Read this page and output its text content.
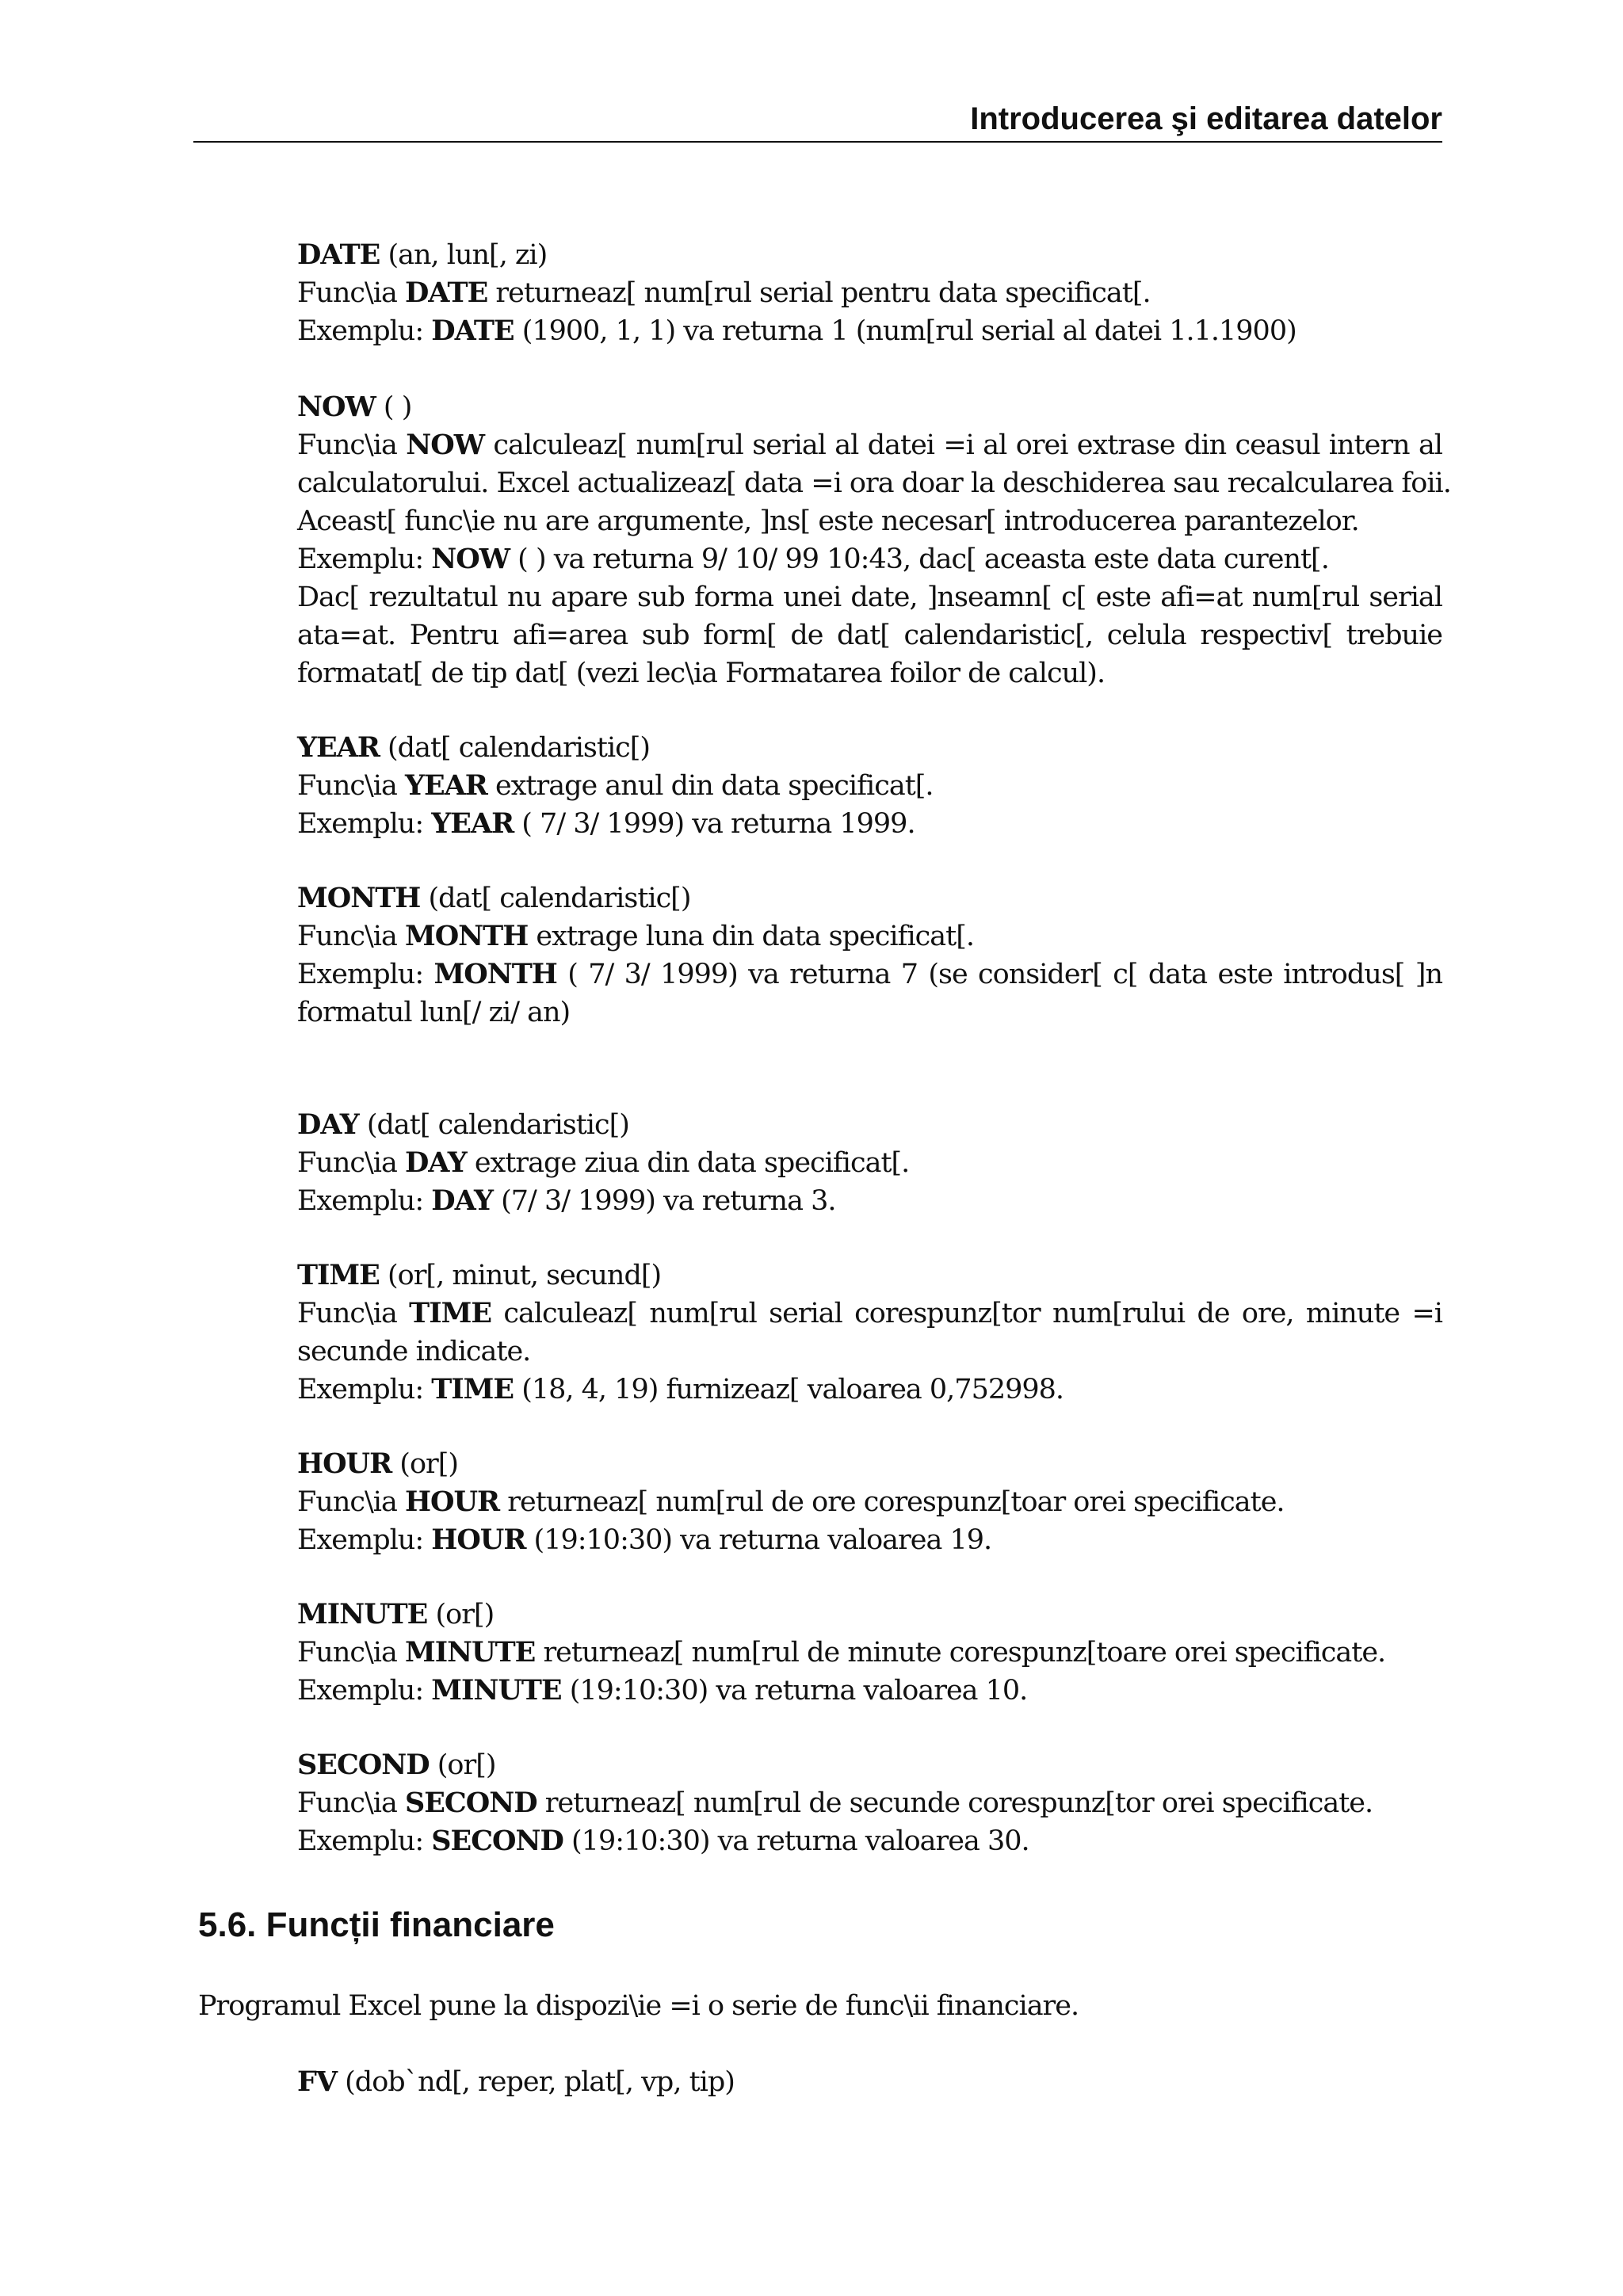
Introducerea şi editarea datelor
DATE (an, lun[, zi)
Func\ia DATE returneaz[ num[rul serial pentru data specificat[.
Exemplu: DATE (1900, 1, 1) va returna 1 (num[rul serial al datei 1.1.1900)
NOW ( )
Func\ia NOW calculeaz[ num[rul serial al datei =i al orei extrase din ceasul intern al
calculatorului. Excel actualizeaz[ data =i ora doar la deschiderea sau recalcularea foii.
Aceast[ func\ie nu are argumente, ]ns[ este necesar[ introducerea parantezelor.
Exemplu: NOW ( ) va returna 9/ 10/ 99 10:43, dac[ aceasta este data curent[.
Dac[ rezultatul nu apare sub forma unei date, ]nseamn[ c[ este afi=at num[rul serial
ata=at. Pentru afi=area sub form[ de dat[ calendaristic[, celula respectiv[ trebuie
formatat[ de tip dat[ (vezi lec\ia Formatarea foilor de calcul).
YEAR (dat[ calendaristic[)
Func\ia YEAR extrage anul din data specificat[.
Exemplu: YEAR ( 7/ 3/ 1999) va returna 1999.
MONTH (dat[ calendaristic[)
Func\ia MONTH extrage luna din data specificat[.
Exemplu: MONTH ( 7/ 3/ 1999) va returna 7 (se consider[ c[ data este introdus[ ]n
formatul lun[/ zi/ an)
DAY (dat[ calendaristic[)
Func\ia DAY extrage ziua din data specificat[.
Exemplu: DAY (7/ 3/ 1999) va returna 3.
TIME (or[, minut, secund[)
Func\ia TIME calculeaz[ num[rul serial corespunz[tor num[rului de ore, minute =i
secunde indicate.
Exemplu: TIME (18, 4, 19) furnizeaz[ valoarea 0,752998.
HOUR (or[)
Func\ia HOUR returneaz[ num[rul de ore corespunz[toar orei specificate.
Exemplu: HOUR (19:10:30) va returna valoarea 19.
MINUTE (or[)
Func\ia MINUTE returneaz[ num[rul de minute corespunz[toare orei specificate.
Exemplu: MINUTE (19:10:30) va returna valoarea 10.
SECOND (or[)
Func\ia SECOND returneaz[ num[rul de secunde corespunz[tor orei specificate.
Exemplu: SECOND (19:10:30) va returna valoarea 30.
5.6. Funcții financiare
Programul Excel pune la dispozi\ie =i o serie de func\ii financiare.
FV (dob`nd[, reper, plat[, vp, tip)
